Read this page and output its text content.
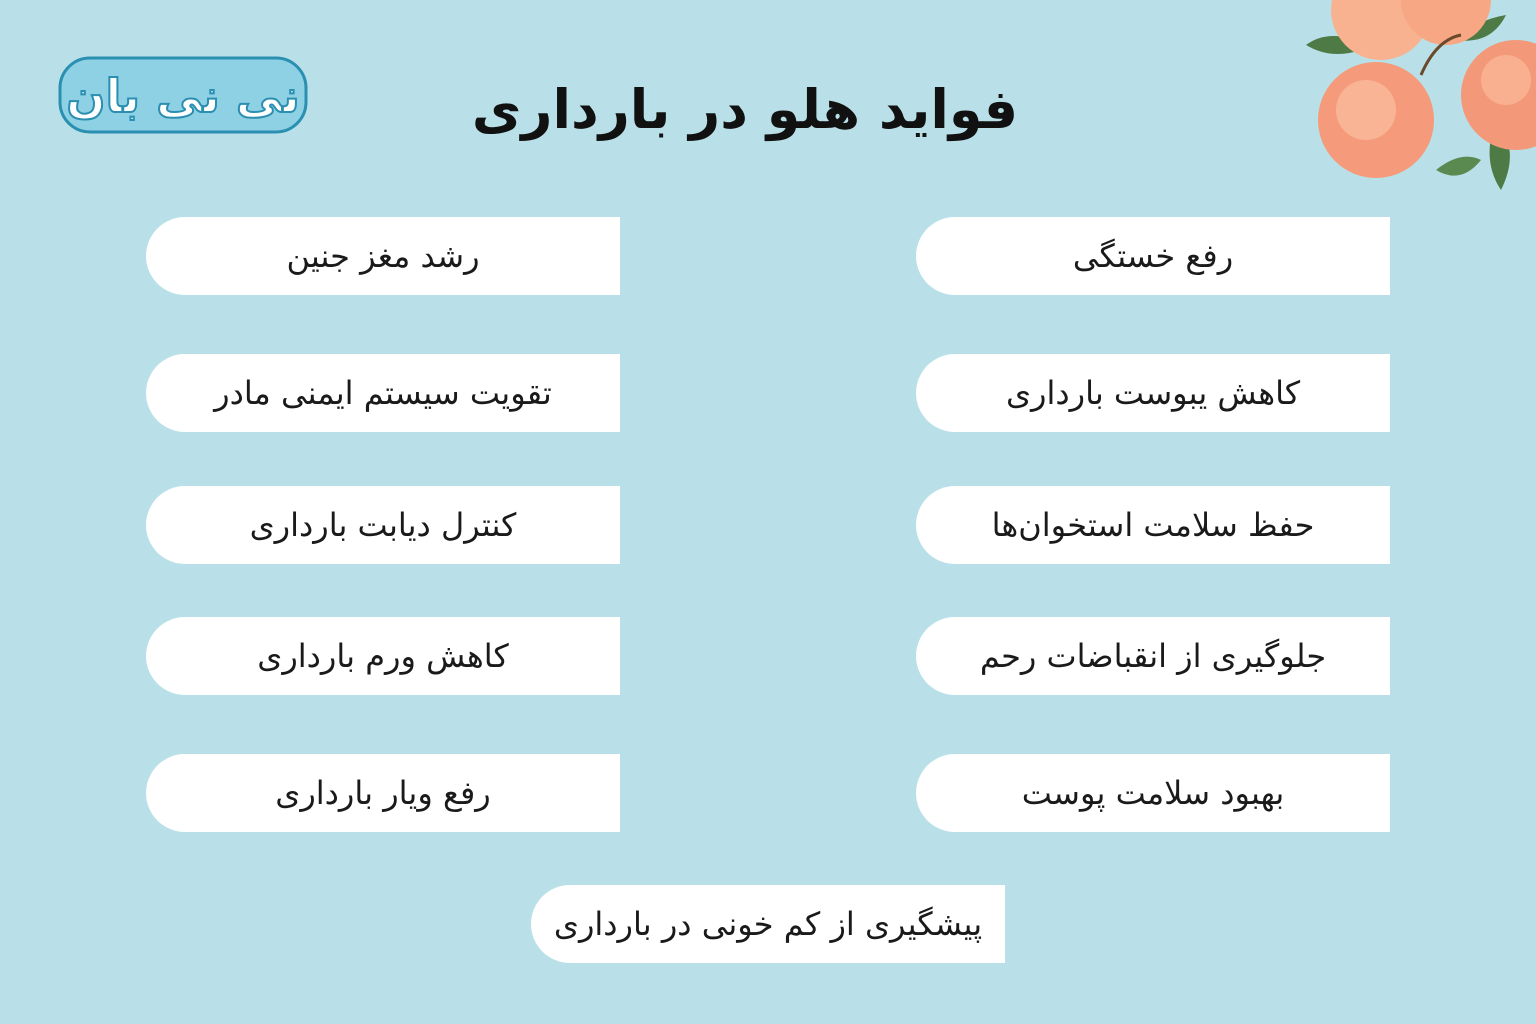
نی نی بان	فواید هلو در بارداری
رفع خستگی
کاهش یبوست بارداری
حفظ سلامت استخوان‌ها
جلوگیری از انقباضات رحم
بهبود سلامت پوست
رشد مغز جنین
تقویت سیستم ایمنی مادر
کنترل دیابت بارداری
کاهش ورم بارداری
رفع ویار بارداری
پیشگیری از کم خونی در بارداری
